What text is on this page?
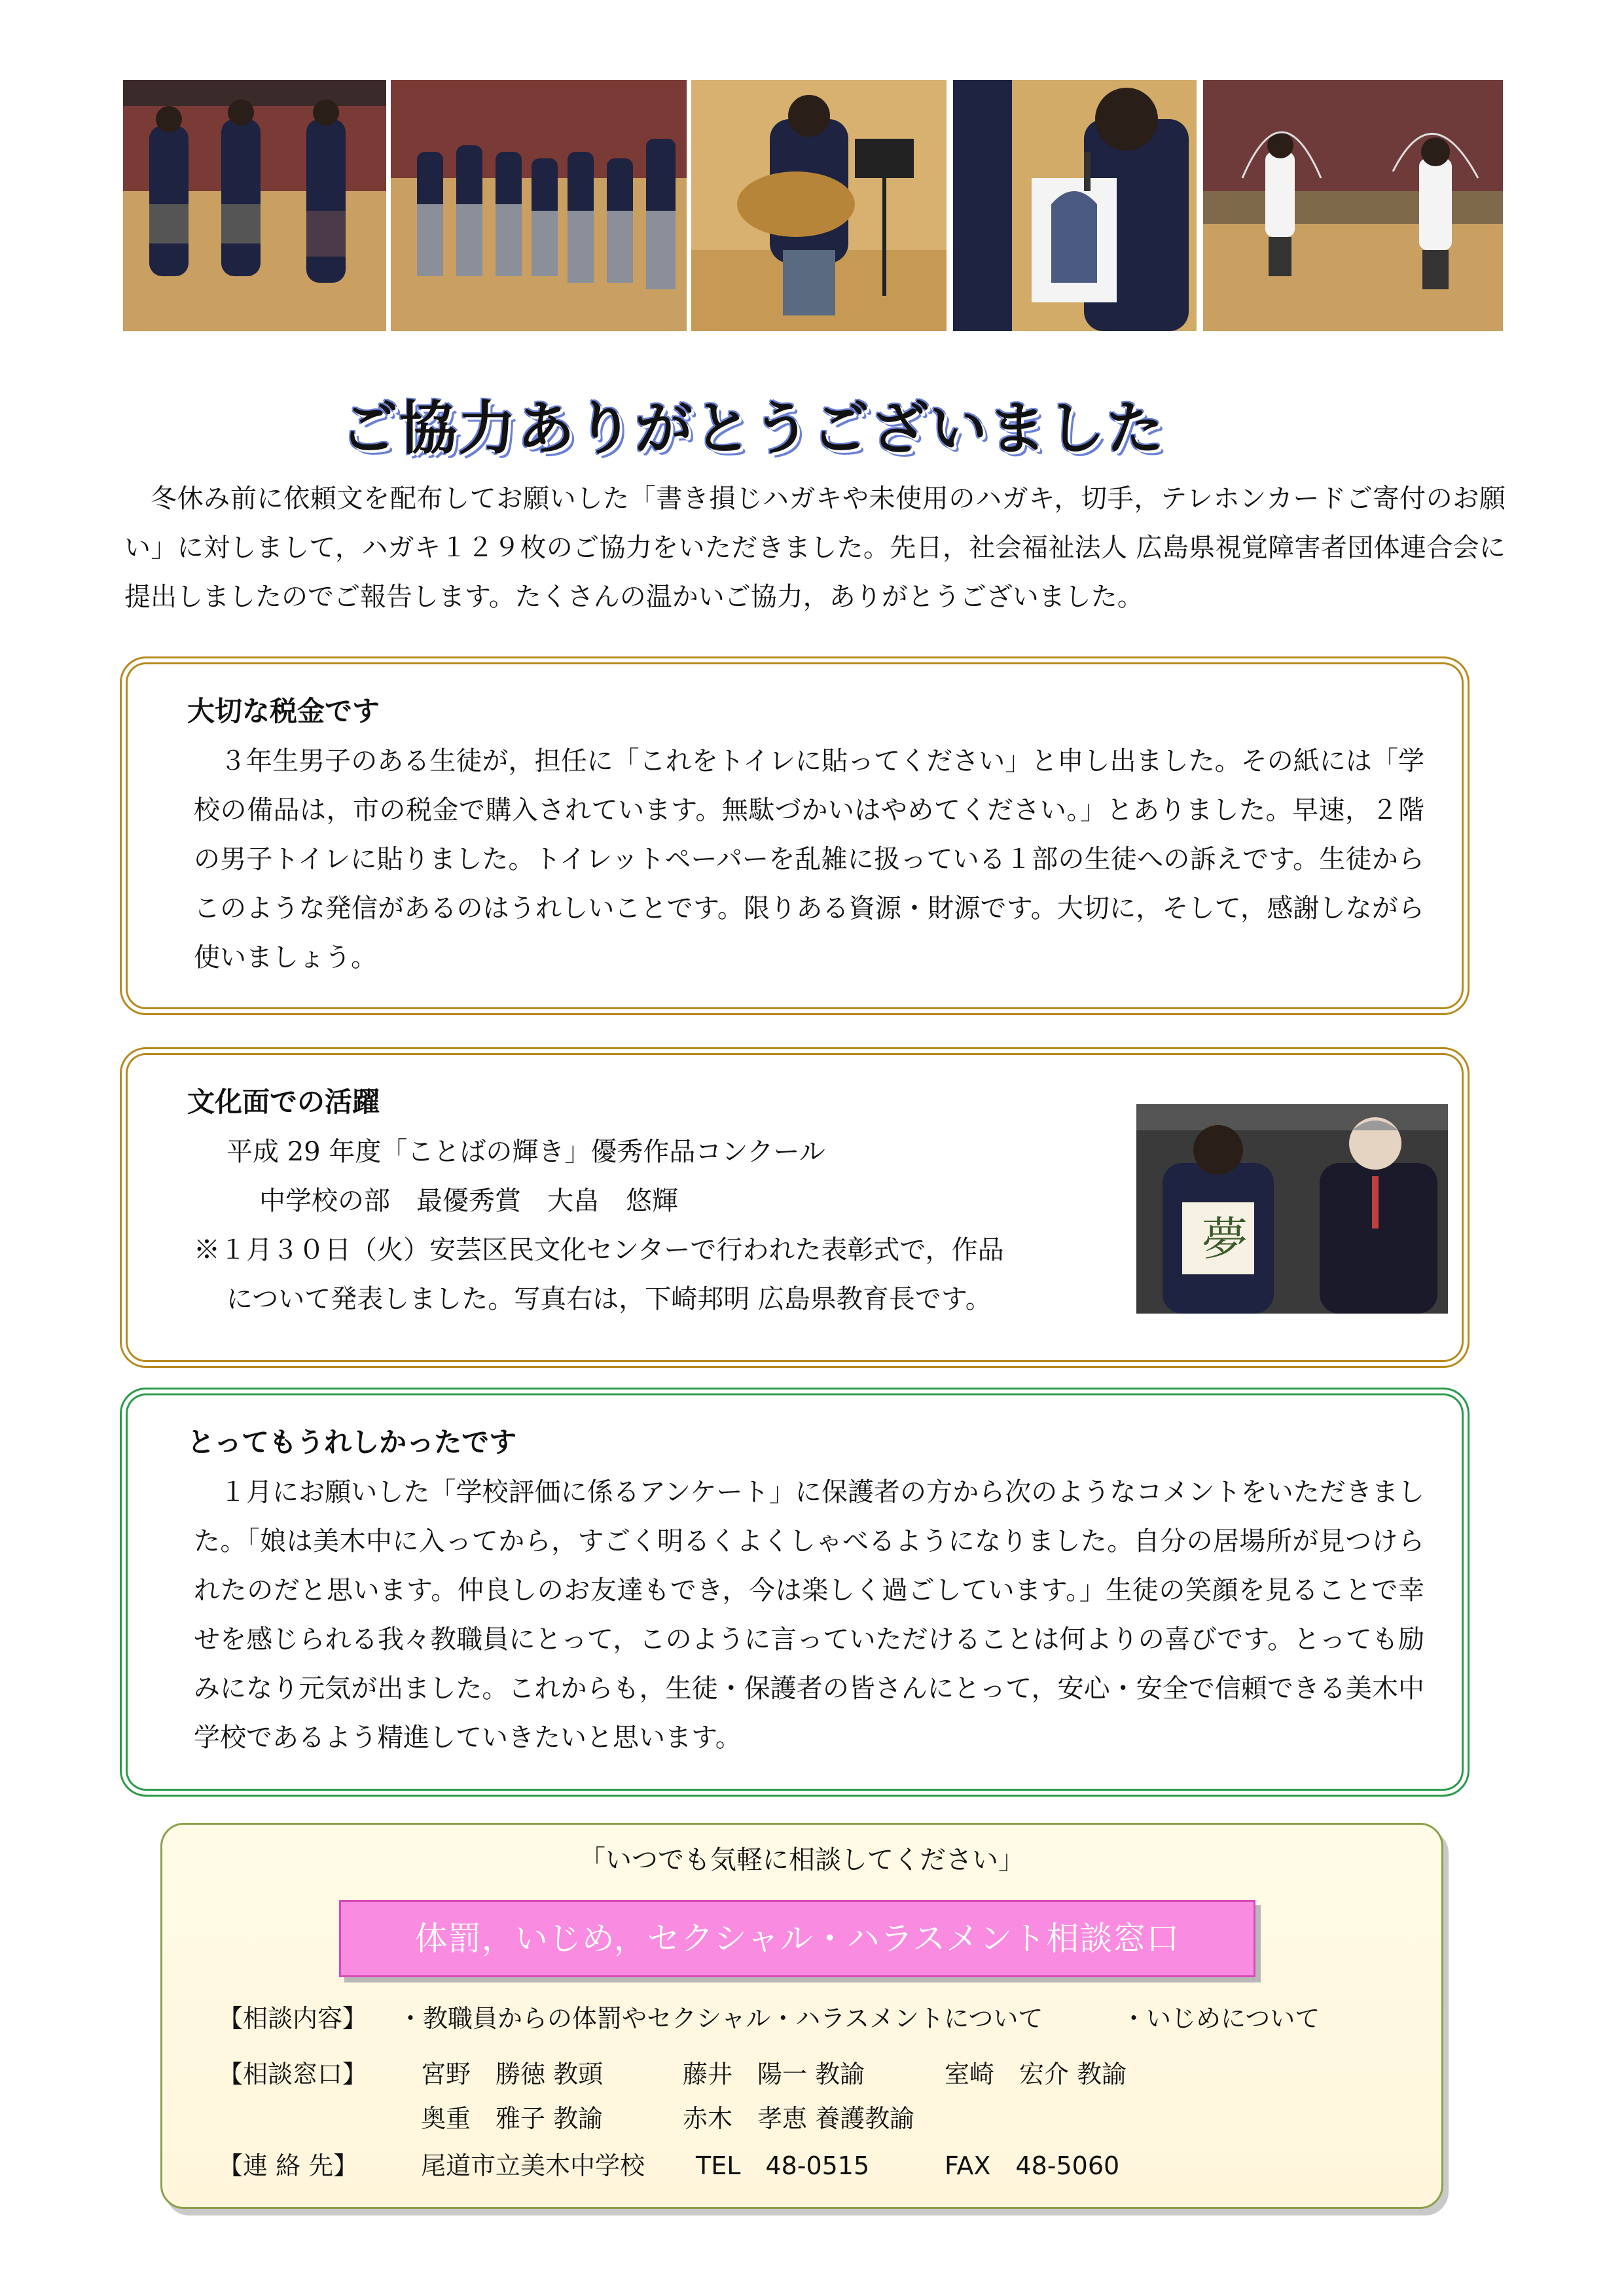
ご協力ありがとうございました
冬休み前に依頼文を配布してお願いした「書き損じハガキや未使用のハガキ，切手，テレホンカードご寄付のお願い」に対しまして，ハガキ１２９枚のご協力をいただきました。先日，社会福祉法人 広島県視覚障害者団体連合会に提出しましたのでご報告します。たくさんの温かいご協力，ありがとうございました。
大切な税金です
３年生男子のある生徒が，担任に「これをトイレに貼ってください」と申し出ました。その紙には「学校の備品は，市の税金で購入されています。無駄づかいはやめてください。」とありました。早速，２階の男子トイレに貼りました。トイレットペーパーを乱雑に扱っている１部の生徒への訴えです。生徒からこのような発信があるのはうれしいことです。限りある資源・財源です。大切に，そして，感謝しながら使いましょう。
文化面での活躍

平成 29 年度「ことばの輝き」優秀作品コンクール

中学校の部　最優秀賞　大畠　悠輝

※１月３０日（火）安芸区民文化センターで行われた表彰式で，作品

について発表しました。写真右は，下崎邦明 広島県教育長です。

夢
とってもうれしかったです
１月にお願いした「学校評価に係るアンケート」に保護者の方から次のようなコメントをいただきました。「娘は美木中に入ってから，すごく明るくよくしゃべるようになりました。自分の居場所が見つけられたのだと思います。仲良しのお友達もでき，今は楽しく過ごしています。」生徒の笑顔を見ることで幸せを感じられる我々教職員にとって，このように言っていただけることは何よりの喜びです。とっても励みになり元気が出ました。これからも，生徒・保護者の皆さんにとって，安心・安全で信頼できる美木中学校であるよう精進していきたいと思います。
「いつでも気軽に相談してください」
体罰，いじめ，セクシャル・ハラスメント相談窓口
【相談内容】 ・教職員からの体罰やセクシャル・ハラスメントについて	・いじめについて
【相談窓口】 宮野　勝徳 教頭	藤井　陽一 教諭	室崎　宏介 教諭
奥重　雅子 教諭	赤木　孝恵 養護教諭
【連 絡 先】	尾道市立美木中学校 TEL　48-0515	FAX　48-5060
